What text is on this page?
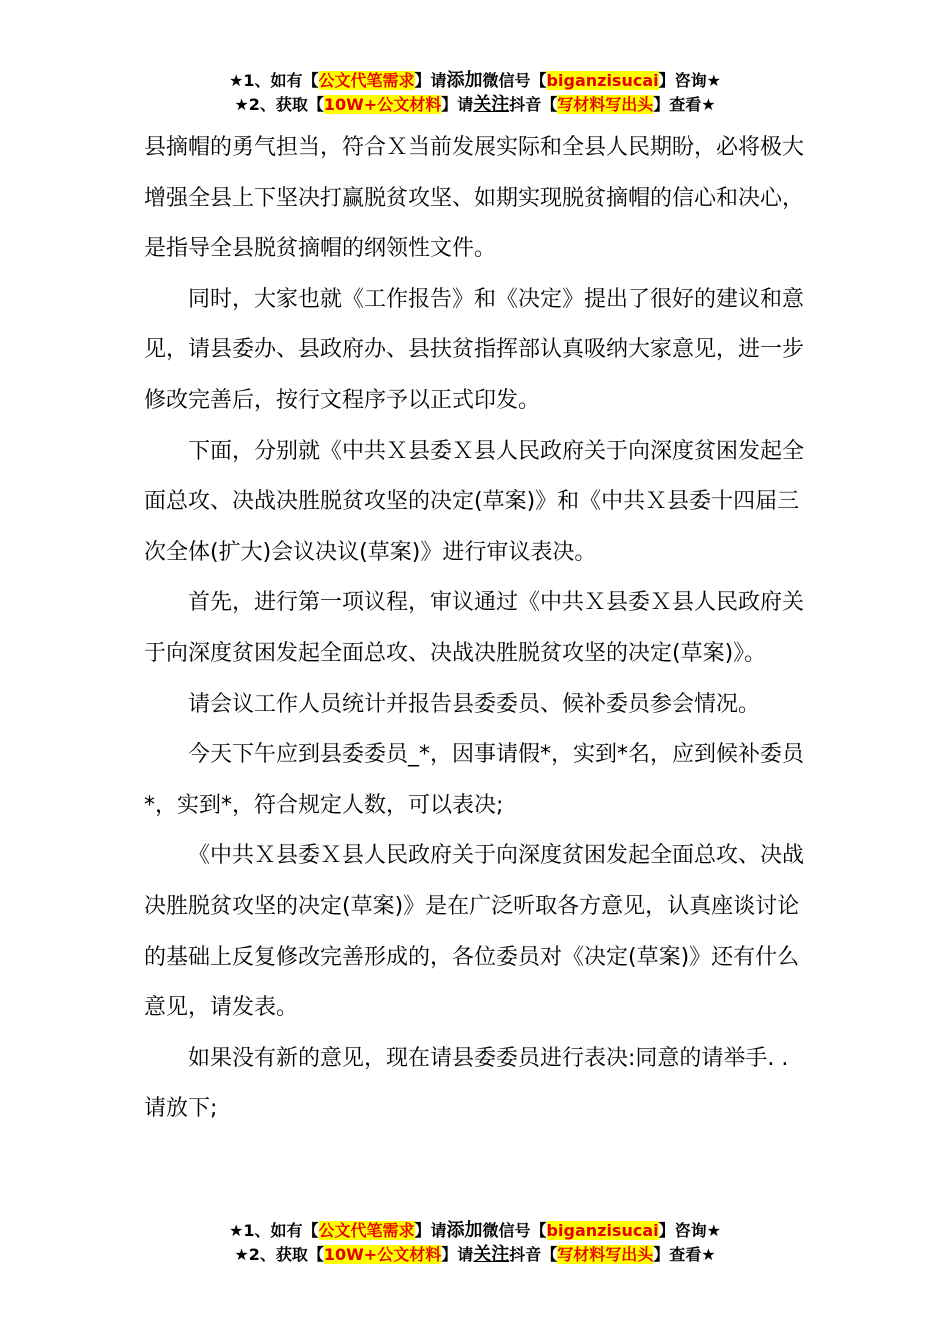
★1、如有【公文代笔需求】请添加微信号【biganzisucai】咨询★
★2、获取【10W+公文材料】请关注抖音【写材料写出头】查看★

县摘帽的勇气担当，符合Ｘ当前发展实际和全县人民期盼，必将极大增强全县上下坚决打赢脱贫攻坚、如期实现脱贫摘帽的信心和决心，是指导全县脱贫摘帽的纲领性文件。

同时，大家也就《工作报告》和《决定》提出了很好的建议和意见，请县委办、县政府办、县扶贫指挥部认真吸纳大家意见，进一步修改完善后，按行文程序予以正式印发。

下面，分别就《中共Ｘ县委Ｘ县人民政府关于向深度贫困发起全面总攻、决战决胜脱贫攻坚的决定(草案)》和《中共Ｘ县委十四届三次全体(扩大)会议决议(草案)》进行审议表决。

首先，进行第一项议程，审议通过《中共Ｘ县委Ｘ县人民政府关于向深度贫困发起全面总攻、决战决胜脱贫攻坚的决定(草案)》。

请会议工作人员统计并报告县委委员、候补委员参会情况。

今天下午应到县委委员_*，因事请假*，实到*名，应到候补委员*，实到*，符合规定人数，可以表决;

《中共Ｘ县委Ｘ县人民政府关于向深度贫困发起全面总攻、决战决胜脱贫攻坚的决定(草案)》是在广泛听取各方意见，认真座谈讨论的基础上反复修改完善形成的，各位委员对《决定(草案)》还有什么意见，请发表。

如果没有新的意见，现在请县委委员进行表决:同意的请举手. .请放下;

★1、如有【公文代笔需求】请添加微信号【biganzisucai】咨询★
★2、获取【10W+公文材料】请关注抖音【写材料写出头】查看★
